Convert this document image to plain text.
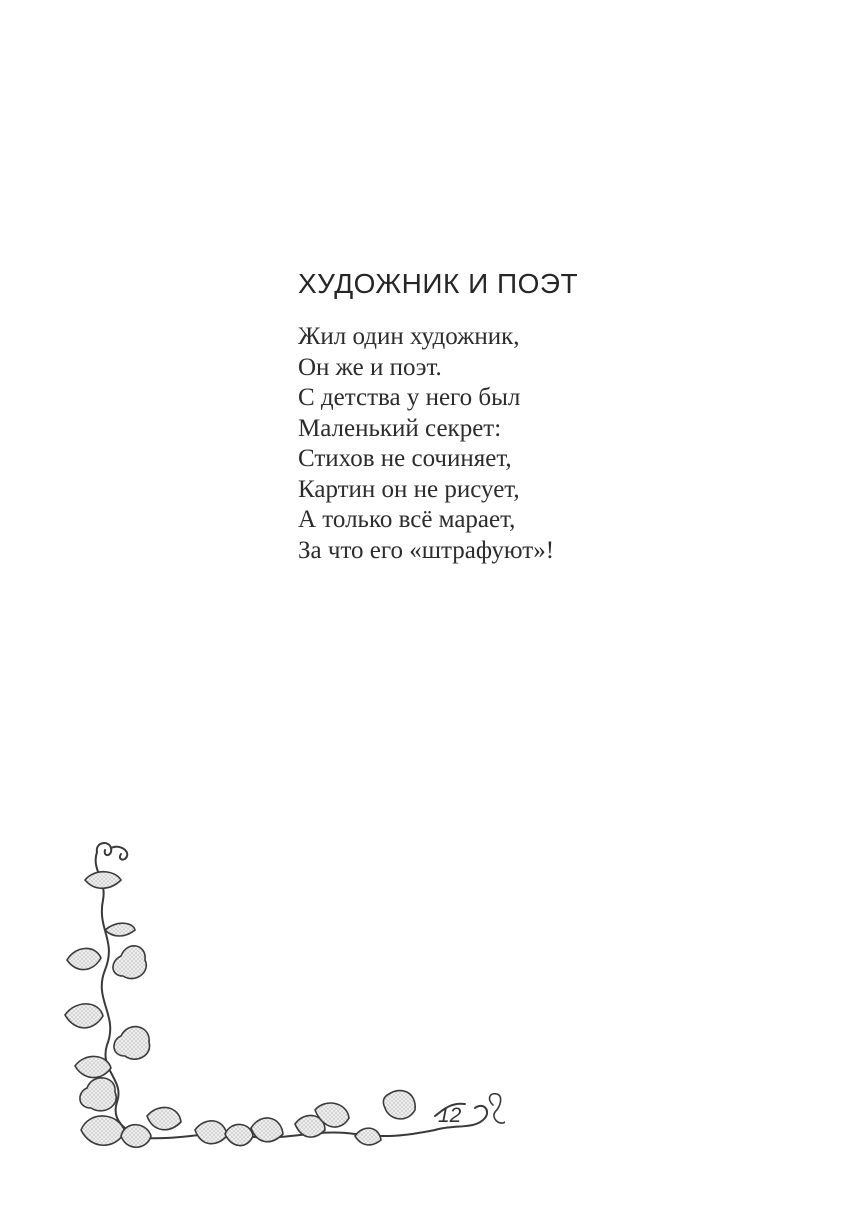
ХУДОЖНИК И ПОЭТ
Жил один художник,
Он же и поэт.
С детства у него был
Маленький секрет:
Стихов не сочиняет,
Картин он не рисует,
А только всё марает,
За что его «штрафуют»!
12
